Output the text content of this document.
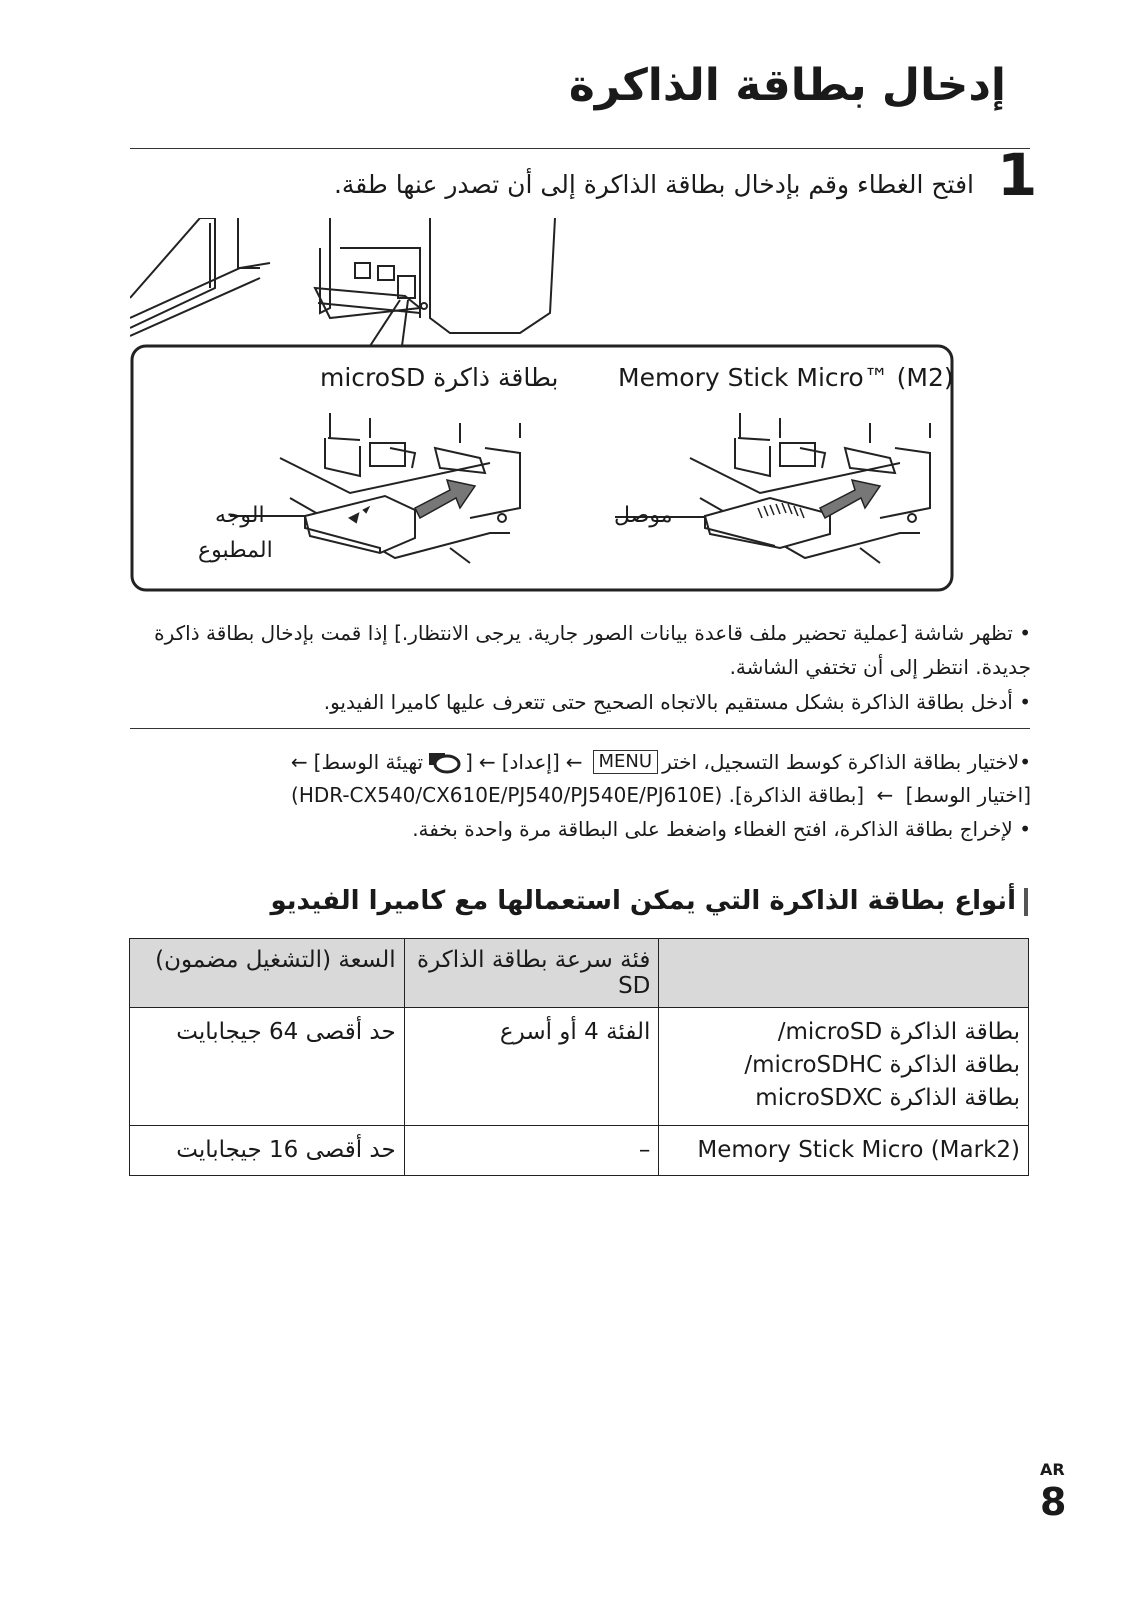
إدخال بطاقة الذاكرة
1
افتح الغطاء وقم بإدخال بطاقة الذاكرة إلى أن تصدر عنها طقة.
Memory Stick Micro™ (M2)
بطاقة ذاكرة microSD
الوجه
المطبوع
موصل
• تظهر شاشة [عملية تحضير ملف قاعدة بيانات الصور جارية. يرجى الانتظار.] إذا قمت بإدخال بطاقة ذاكرة جديدة. انتظر إلى أن تختفي الشاشة.
• أدخل بطاقة الذاكرة بشكل مستقيم بالاتجاه الصحيح حتى تتعرف عليها كاميرا الفيديو.
•
لاختيار بطاقة الذاكرة كوسط التسجيل، اختر
MENU
←
[إعداد]
←
[
تهيئة الوسط]
←
[اختيار الوسط] ← [بطاقة الذاكرة]. (HDR-CX540/CX610E/PJ540/PJ540E/PJ610E)
• لإخراج بطاقة الذاكرة، افتح الغطاء واضغط على البطاقة مرة واحدة بخفة.
أنواع بطاقة الذاكرة التي يمكن استعمالها مع كاميرا الفيديو
	فئة سرعة بطاقة الذاكرة SD	السعة (التشغيل مضمون)

بطاقة الذاكرة microSD/
بطاقة الذاكرة microSDHC/
بطاقة الذاكرة microSDXC	الفئة 4 أو أسرع	حد أقصى 64 جيجابايت

Memory Stick Micro (Mark2)	–	حد أقصى 16 جيجابايت
AR
8
